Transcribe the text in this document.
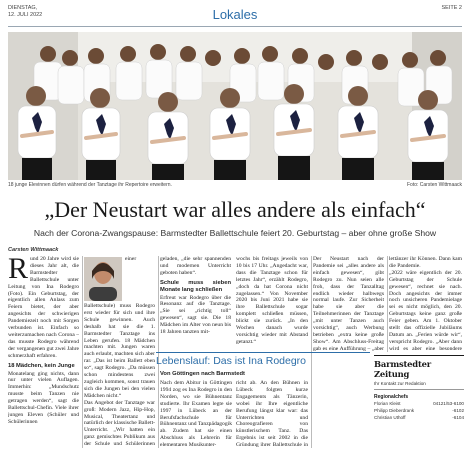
DIENSTAG,
12. JULI 2022	Lokales	SEITE 2
18 junge Elevinnen dürfen während der Tanztage ihr Repertoire erweitern.	Foto: Carsten Wittmaack
„Der Neustart war alles andere als einfach“
Nach der Corona-Zwangspause: Barmstedter Ballettschule feiert 20. Geburtstag – aber ohne große Show
Carsten Wittmaack
R und 20 Jahre wird sie dieses Jahr alt, die Barmstedter Ballettschule unter Leitung von Ina Rodegro (Foto). Ein Geburtstag, der eigentlich allen Anlass zum Feiern bietet, der aber angesichts der schwierigen Pandemiezeit noch mit Sorgen verbunden ist. Einfach so weiterzumachen nach Corona – das musste Rodegro während der vergangenen gut zwei Jahre schmerzhaft erfahren.

18 Mädchen, kein Junge

Monatelang ging nichts, dann nur unter vielen Auflagen. Immerhin: „Mundschutz musste beim Tanzen nie getragen werden“, sagt die Ballettschul-Chefin. Viele ihrer jungen Eleven (Schüler und Schülerinnen

einer Ballettschule) muss Rodegro erst wieder für sich und ihre Schule gewinnen. Auch deshalb hat sie die 1. Barmstedter Tanztage ins Leben gerufen. 18 Mädchen machten mit. Jungen waren auch erlaubt, machten sich aber rar. „Das ist beim Ballett eben so“, sagt Rodegro. „Da müssen schon mindestens zwei zugleich kommen, sonst trauen sich die Jungen bei den vielen Mädchen nicht.“

Das Angebot der Tanztage war groß: Modern Jazz, Hip-Hop, Musical, Theatertanz und natürlich der klassische Ballett-Unterricht. „Wir hatten ein ganz gemischtes Publikum aus der Schule und Schülerinnen

geladen, „die sehr spannenden und modernen Unterricht geboten haben“.

Schule muss sieben Monate lang schließen

Erfreut war Rodegro über die Resonanz auf die Tanztage. „Sie sei „richtig toll“ gewesen“, sagt sie. Die 18 Mädchen im Alter von neun bis 18 Jahren tanzten mit-

wochs bis freitags jeweils von 10 bis 17 Uhr. „Angedacht war, dass die Tanztage schon für letztes Jahr“, erzählt Rodegro, „doch da hat Corona nicht zugelassen.“ Von November 2020 bis Juni 2021 habe sie ihre Ballettschule sogar komplett schließen müssen, blickt sie zurück. „In den Wochen danach wurde vorsichtig wieder mit Abstand getanzt.“

Der Neustart nach der Pandemie sei „alles andere als einfach gewesen“, gibt Rodegro zu. Nun seien alle froh, dass der Tanzalltag endlich wieder halbwegs normal laufe. Zur Sicherheit habe sie aber die Teilnehmerinnen der Tanztage „mit unter Tanzen auch vorsichtig“, auch Werbung betrieben „extra keine große Show“. Am Abschluss-Freitag gab es eine Aufführung – „aber

lettänzer ihr Können. Dann kam die Pandemie.

„2022 wäre eigentlich der 20. Geburtstag der Schule gewesen“, rechnet sie nach. Doch angesichts der immer noch unsicheren Pandemielage sei es nicht möglich, den 20. Geburtstags keine ganz große Feier geben. Am 1. Oktober stellt das offizielle Jubiläums Datum an. „Ferien würde wir“, verspricht Rodegro. „Aber dann wird es aber eine besondere

Lebenslauf: Das ist Ina Rodegro
Von Göttingen nach Barmstedt

Nach dem Abitur in Göttingen 1994 zog es Ina Rodegro in den Norden, wo sie Bühnentanz studierte. Ihr Examen legte sie 1997 in Lübeck an der Berufsfachschule für Bühnentanz und Tanzpädagogik ab. Zudem hat sie einen Abschluss als Lehrerin für elementaren Musikunter-

richt ab. An den Bühnen in Lübeck folgten kurze Engagements als Tänzerin, wobei ihr Ihre eigentliche Berufung lángst klar war: das Unterrichten und Choreografieren von künstlerischem Tanz. Das Ergebnis ist seit 2002 in die Gründung ihrer Ballettschule in

Barmstedter Zeitung
Ihr Kontakt zur Redaktion
Regionalchefs
Florian Kleist	04121/53-6100
Philipp Dieberdrank	-6102
Christian Uthoff	-6104
